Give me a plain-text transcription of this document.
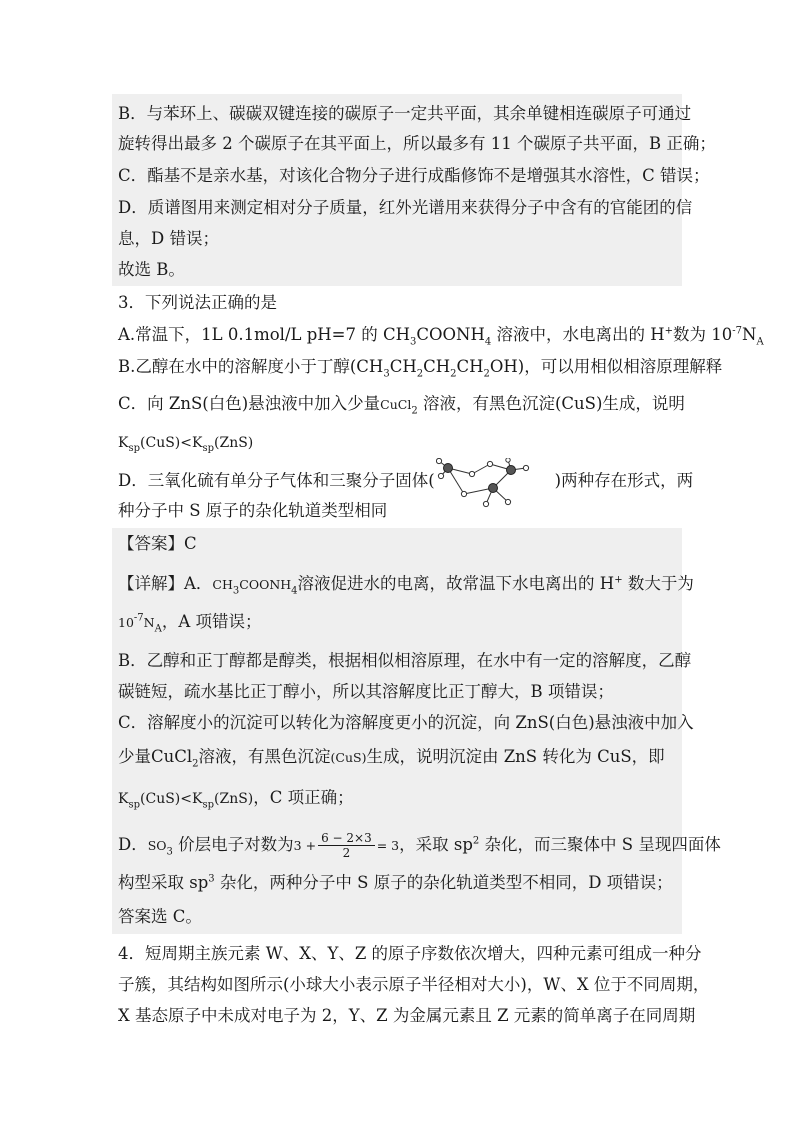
B．与苯环上、碳碳双键连接的碳原子一定共平面，其余单键相连碳原子可通过
旋转得出最多 2 个碳原子在其平面上，所以最多有 11 个碳原子共平面，B 正确；
C．酯基不是亲水基，对该化合物分子进行成酯修饰不是增强其水溶性，C 错误；
D．质谱图用来测定相对分子质量，红外光谱用来获得分子中含有的官能团的信
息，D 错误；
故选 B。
3．下列说法正确的是
A.常温下，1L 0.1mol/L pH=7 的 $CH_3COONH_4$ 溶液中，水电离出的 H+数为 $10^{-7}N_A$
B.乙醇在水中的溶解度小于丁醇$(CH_3CH_2CH_2CH_2OH)$，可以用相似相溶原理解释
C．向 ZnS(白色)悬浊液中加入少量CuCl$_2$ 溶液，有黑色沉淀(CuS)生成，说明
$K_{sp}(CuS)<K_{sp}(ZnS)$
D．三氧化硫有单分子气体和三聚分子固体(	)两种存在形式，两
种分子中 S 原子的杂化轨道类型相同
【答案】C
【详解】A．$CH_3COONH_4$溶液促进水的电离，故常温下水电离出的 H+ 数大于为
$10^{-7}N_A$，A 项错误；
B．乙醇和正丁醇都是醇类，根据相似相溶原理，在水中有一定的溶解度，乙醇
碳链短，疏水基比正丁醇小，所以其溶解度比正丁醇大，B 项错误；
C．溶解度小的沉淀可以转化为溶解度更小的沉淀，向 ZnS(白色)悬浊液中加入
少量CuCl$_2$溶液，有黑色沉淀(CuS)生成，说明沉淀由 ZnS 转化为 CuS，即
$K_{sp}(CuS)<K_{sp}(ZnS)$，C 项正确；
D．$SO_3$ 价层电子对数为$3 + \frac{6 - 2\times 3}{2} = 3$，采取 $sp^2$ 杂化，而三聚体中 S 呈现四面体
构型采取 $sp^3$ 杂化，两种分子中 S 原子的杂化轨道类型不相同，D 项错误；
答案选 C。
4．短周期主族元素 W、X、Y、Z 的原子序数依次增大，四种元素可组成一种分
子簇，其结构如图所示(小球大小表示原子半径相对大小)，W、X 位于不同周期，
X 基态原子中未成对电子为 2，Y、Z 为金属元素且 Z 元素的简单离子在同周期
